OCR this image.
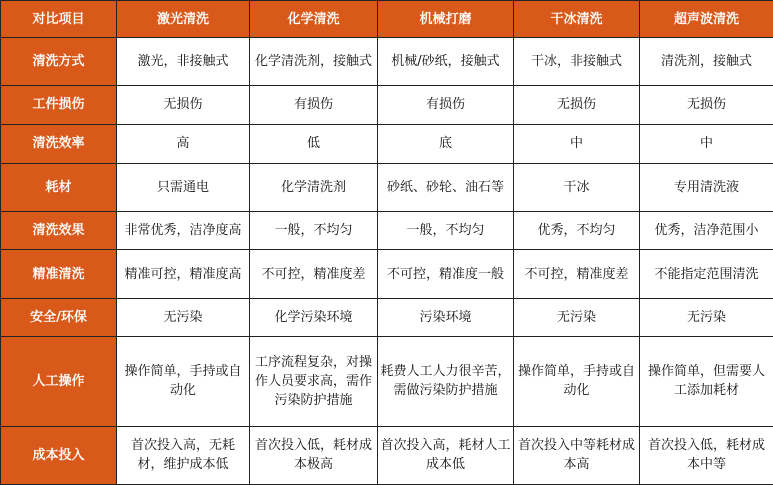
对比项目	激光清洗	化学清洗	机械打磨	干冰清洗	超声波清洗
清洗方式	激光，非接触式	化学清洗剂，接触式	机械/砂纸，接触式	干冰，非接触式	清洗剂，接触式
工件损伤	无损伤	有损伤	有损伤	无损伤	无损伤
清洗效率	高	低	底	中	中
耗材	只需通电	化学清洗剂	砂纸、砂轮、油石等	干冰	专用清洗液
清洗效果	非常优秀，洁净度高	一般，不均匀	一般，不均匀	优秀，不均匀	优秀，洁净范围小
精准清洗	精准可控，精准度高	不可控，精准度差	不可控，精准度一般	不可控，精准度差	不能指定范围清洗
安全/环保	无污染	化学污染环境	污染环境	无污染	无污染
人工操作	操作简单，手持或自动化	工序流程复杂，对操作人员要求高，需作污染防护措施	耗费人工人力很辛苦，需做污染防护措施	操作简单，手持或自动化	操作简单，但需要人工添加耗材
成本投入	首次投入高，无耗材，维护成本低	首次投入低，耗材成本极高	首次投入高，耗材人工成本低	首次投入中等耗材成本高	首次投入低，耗材成本中等
